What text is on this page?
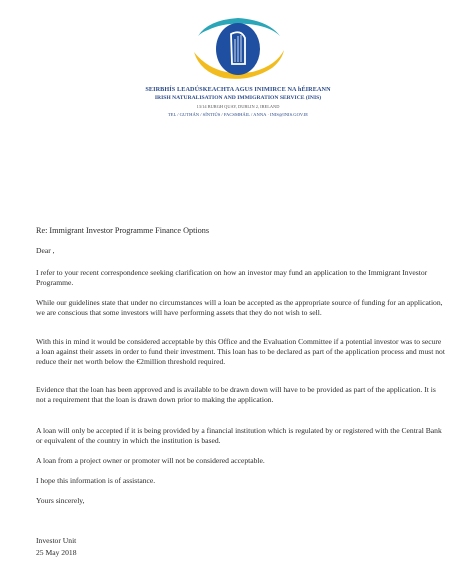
SEIRBHÍS LEADÚSKEACHTA AGUS INIMIRCE NA hÉIREANN
IRISH NATURALISATION AND IMMIGRATION SERVICE (INIS)
13/14 BURGH QUAY, DUBLIN 2, IRELAND
TEL / GUTHÁN / SÍNTIÚS / FACSMHÁIL / ANNA · INIS@INIS.GOV.IE

Re: Immigrant Investor Programme Finance Options

Dear ,

I refer to your recent correspondence seeking clarification on how an investor may fund an application to the Immigrant Investor Programme.

While our guidelines state that under no circumstances will a loan be accepted as the appropriate source of funding for an application, we are conscious that some investors will have performing assets that they do not wish to sell.

With this in mind it would be considered acceptable by this Office and the Evaluation Committee if a potential investor was to secure a loan against their assets in order to fund their investment. This loan has to be declared as part of the application process and must not reduce their net worth below the €2million threshold required.

Evidence that the loan has been approved and is available to be drawn down will have to be provided as part of the application. It is not a requirement that the loan is drawn down prior to making the application.

A loan will only be accepted if it is being provided by a financial institution which is regulated by or registered with the Central Bank or equivalent of the country in which the institution is based.

A loan from a project owner or promoter will not be considered acceptable.

I hope this information is of assistance.

Yours sincerely,

Investor Unit

25 May 2018
